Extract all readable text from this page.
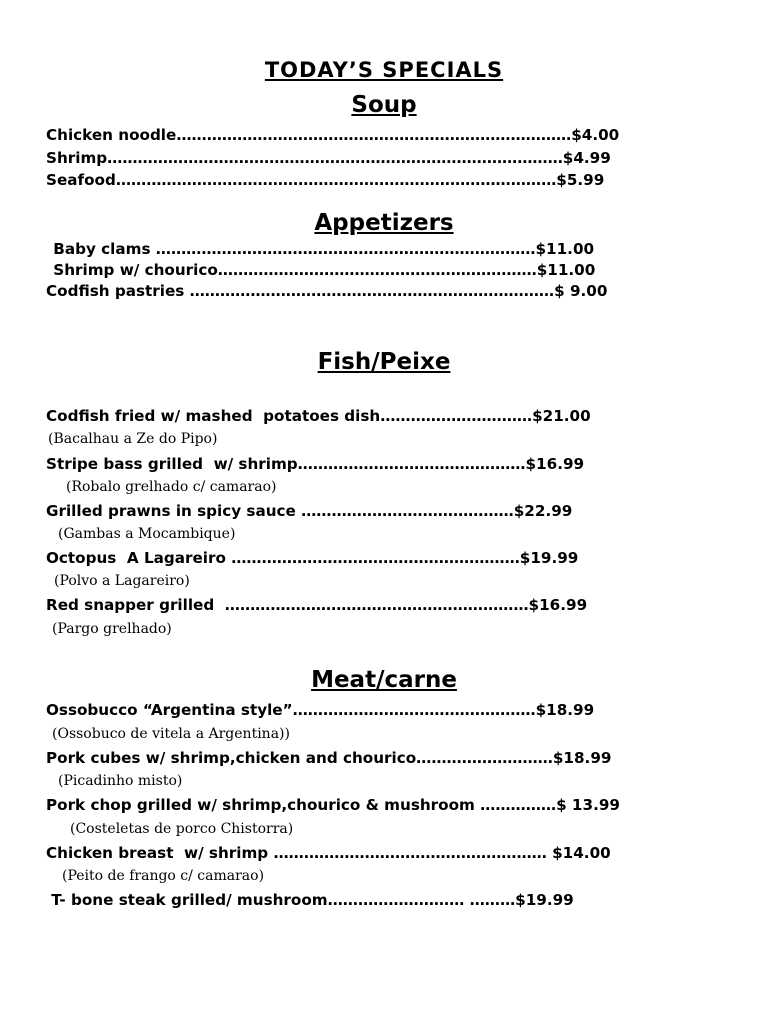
TODAY’S SPECIALS
Soup

Chicken noodle……………………………………………………………………$4.00

Shrimp………………………………………………………………………………$4.99

Seafood……………………………………………………………………………$5.99

Appetizers

Baby clams …………………………………………………………………$11.00

Shrimp w/ chourico………………………………………………………$11.00

Codfish pastries ………………………………………………………………$ 9.00

Fish/Peixe

Codfish fried w/ mashed  potatoes dish…………………………$21.00

(Bacalhau a Ze do Pipo)

Stripe bass grilled  w/ shrimp………………………………………$16.99

(Robalo grelhado c/ camarao)

Grilled prawns in spicy sauce ……………………………………$22.99

(Gambas a Mocambique)

Octopus  A Lagareiro …………………………………………………$19.99

(Polvo a Lagareiro)

Red snapper grilled  ……………………………………………………$16.99

(Pargo grelhado)

Meat/carne

Ossobucco “Argentina style”…………………………………………$18.99

(Ossobuco de vitela a Argentina))

Pork cubes w/ shrimp,chicken and chourico………………………$18.99

(Picadinho misto)

Pork chop grilled w/ shrimp,chourico & mushroom ……………$ 13.99

(Costeletas de porco Chistorra)

Chicken breast  w/ shrimp ……………………………………………… $14.00

(Peito de frango c/ camarao)

T- bone steak grilled/ mushroom……………………… ………$19.99
